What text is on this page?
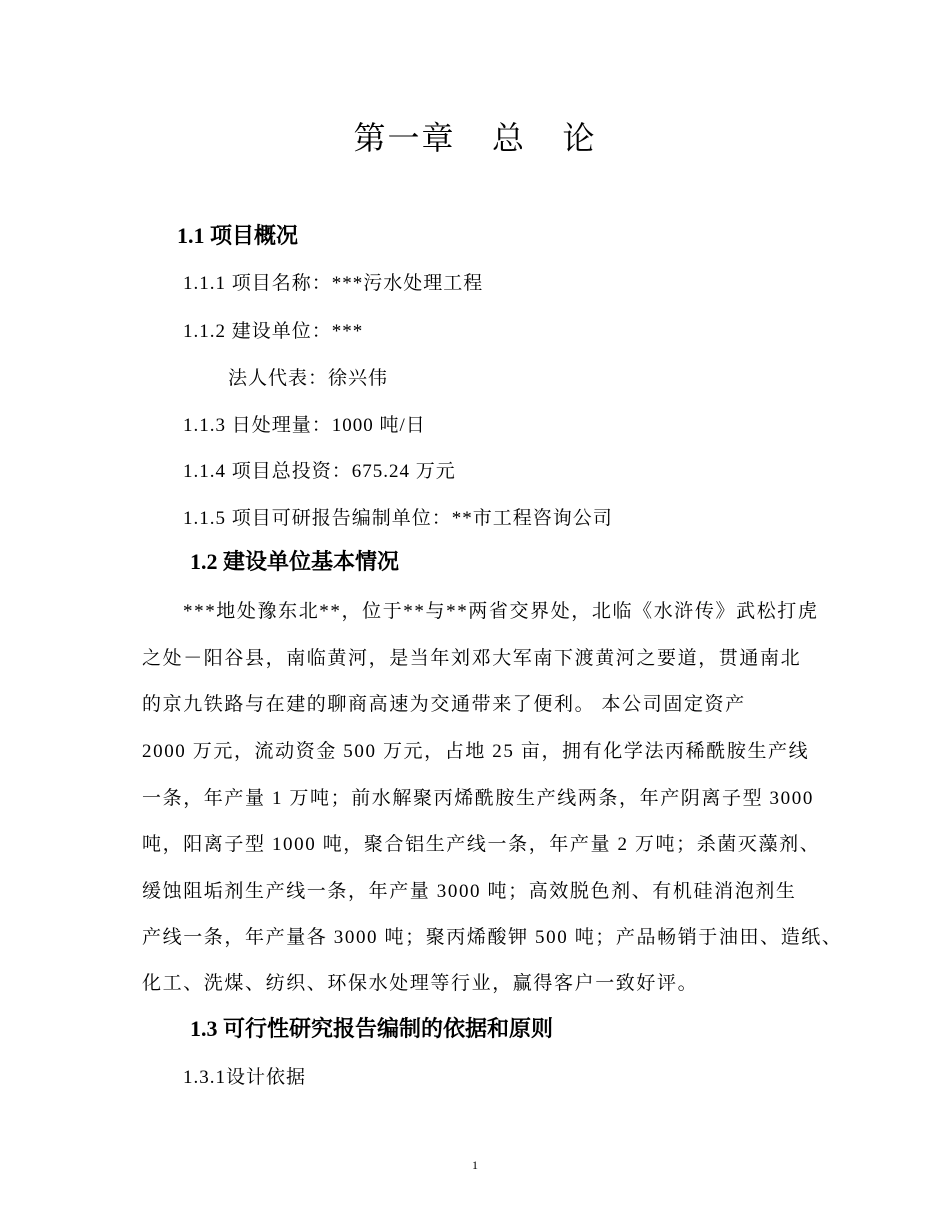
第一章   总   论
1.1 项目概况
1.1.1 项目名称：***污水处理工程
1.1.2 建设单位：***
法人代表：徐兴伟
1.1.3 日处理量：1000 吨/日
1.1.4 项目总投资：675.24 万元
1.1.5 项目可研报告编制单位：**市工程咨询公司
1.2 建设单位基本情况
***地处豫东北**，位于**与**两省交界处，北临《水浒传》武松打虎
之处－阳谷县，南临黄河，是当年刘邓大军南下渡黄河之要道，贯通南北
的京九铁路与在建的聊商高速为交通带来了便利。 本公司固定资产
2000 万元，流动资金 500 万元，占地 25 亩，拥有化学法丙稀酰胺生产线
一条，年产量 1 万吨；前水解聚丙烯酰胺生产线两条，年产阴离子型 3000
吨，阳离子型 1000 吨，聚合铝生产线一条，年产量 2 万吨；杀菌灭藻剂、
缓蚀阻垢剂生产线一条，年产量 3000 吨；高效脱色剂、有机硅消泡剂生
产线一条，年产量各 3000 吨；聚丙烯酸钾 500 吨；产品畅销于油田、造纸、
化工、洗煤、纺织、环保水处理等行业，赢得客户一致好评。
1.3 可行性研究报告编制的依据和原则
1.3.1设计依据
1
